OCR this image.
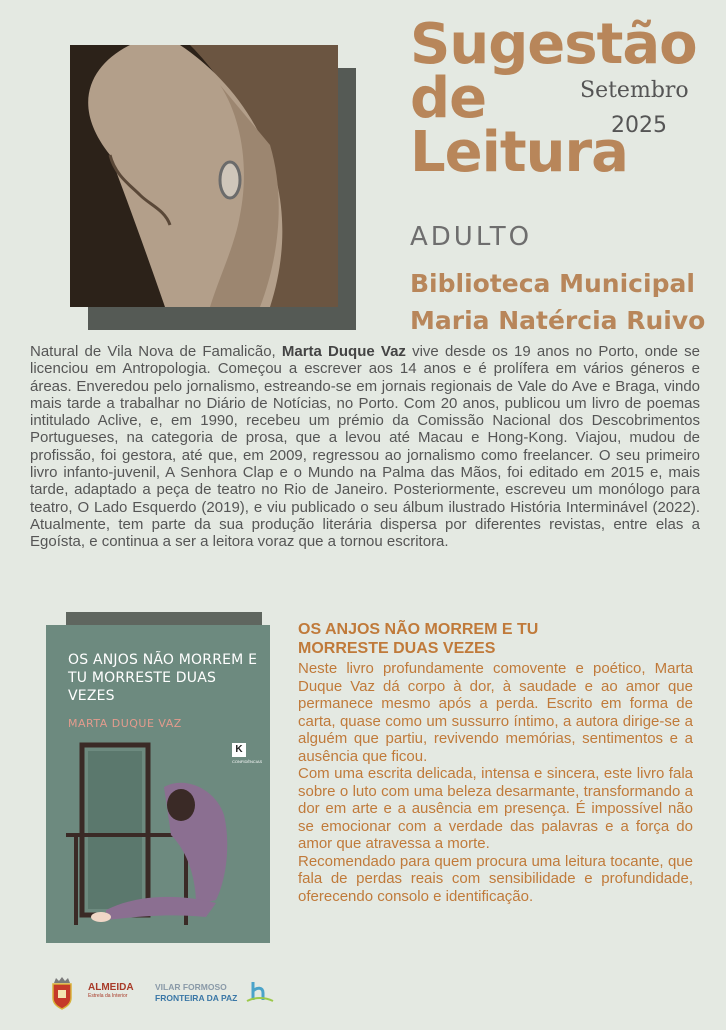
Sugestão
de
Leitura
Setembro
2025
ADULTO
Biblioteca Municipal
Maria Natércia Ruivo
Natural de Vila Nova de Famalicão, Marta Duque Vaz vive desde os 19 anos no Porto, onde se licenciou em Antropologia. Começou a escrever aos 14 anos e é prolífera em vários géneros e áreas. Enveredou pelo jornalismo, estreando-se em jornais regionais de Vale do Ave e Braga, vindo mais tarde a trabalhar no Diário de Notícias, no Porto. Com 20 anos, publicou um livro de poemas intitulado Aclive, e, em 1990, recebeu um prémio da Comissão Nacional dos Descobrimentos Portugueses, na categoria de prosa, que a levou até Macau e Hong-Kong. Viajou, mudou de profissão, foi gestora, até que, em 2009, regressou ao jornalismo como freelancer. O seu primeiro livro infanto-juvenil, A Senhora Clap e o Mundo na Palma das Mãos, foi editado em 2015 e, mais tarde, adaptado a peça de teatro no Rio de Janeiro. Posteriormente, escreveu um monólogo para teatro, O Lado Esquerdo (2019), e viu publicado o seu álbum ilustrado História Interminável (2022). Atualmente, tem parte da sua produção literária dispersa por diferentes revistas, entre elas a Egoísta, e continua a ser a leitora voraz que a tornou escritora.
OS ANJOS NÃO MORREM E TU MORRESTE DUAS VEZES
MARTA DUQUE VAZ
K
CONFIDÊNCIAS
OS ANJOS NÃO MORREM E TU MORRESTE DUAS VEZES

Neste livro profundamente comovente e poético, Marta Duque Vaz dá corpo à dor, à saudade e ao amor que permanece mesmo após a perda. Escrito em forma de carta, quase como um sussurro íntimo, a autora dirige-se a alguém que partiu, revivendo memórias, sentimentos e a ausência que ficou.

Com uma escrita delicada, intensa e sincera, este livro fala sobre o luto com uma beleza desarmante, transformando a dor em arte e a ausência em presença. É impossível não se emocionar com a verdade das palavras e a força do amor que atravessa a morte.

Recomendado para quem procura uma leitura tocante, que fala de perdas reais com sensibilidade e profundidade, oferecendo consolo e identificação.

ALMEIDA
Estrela da Interior
VILAR FORMOSO
FRONTEIRA DA PAZ
